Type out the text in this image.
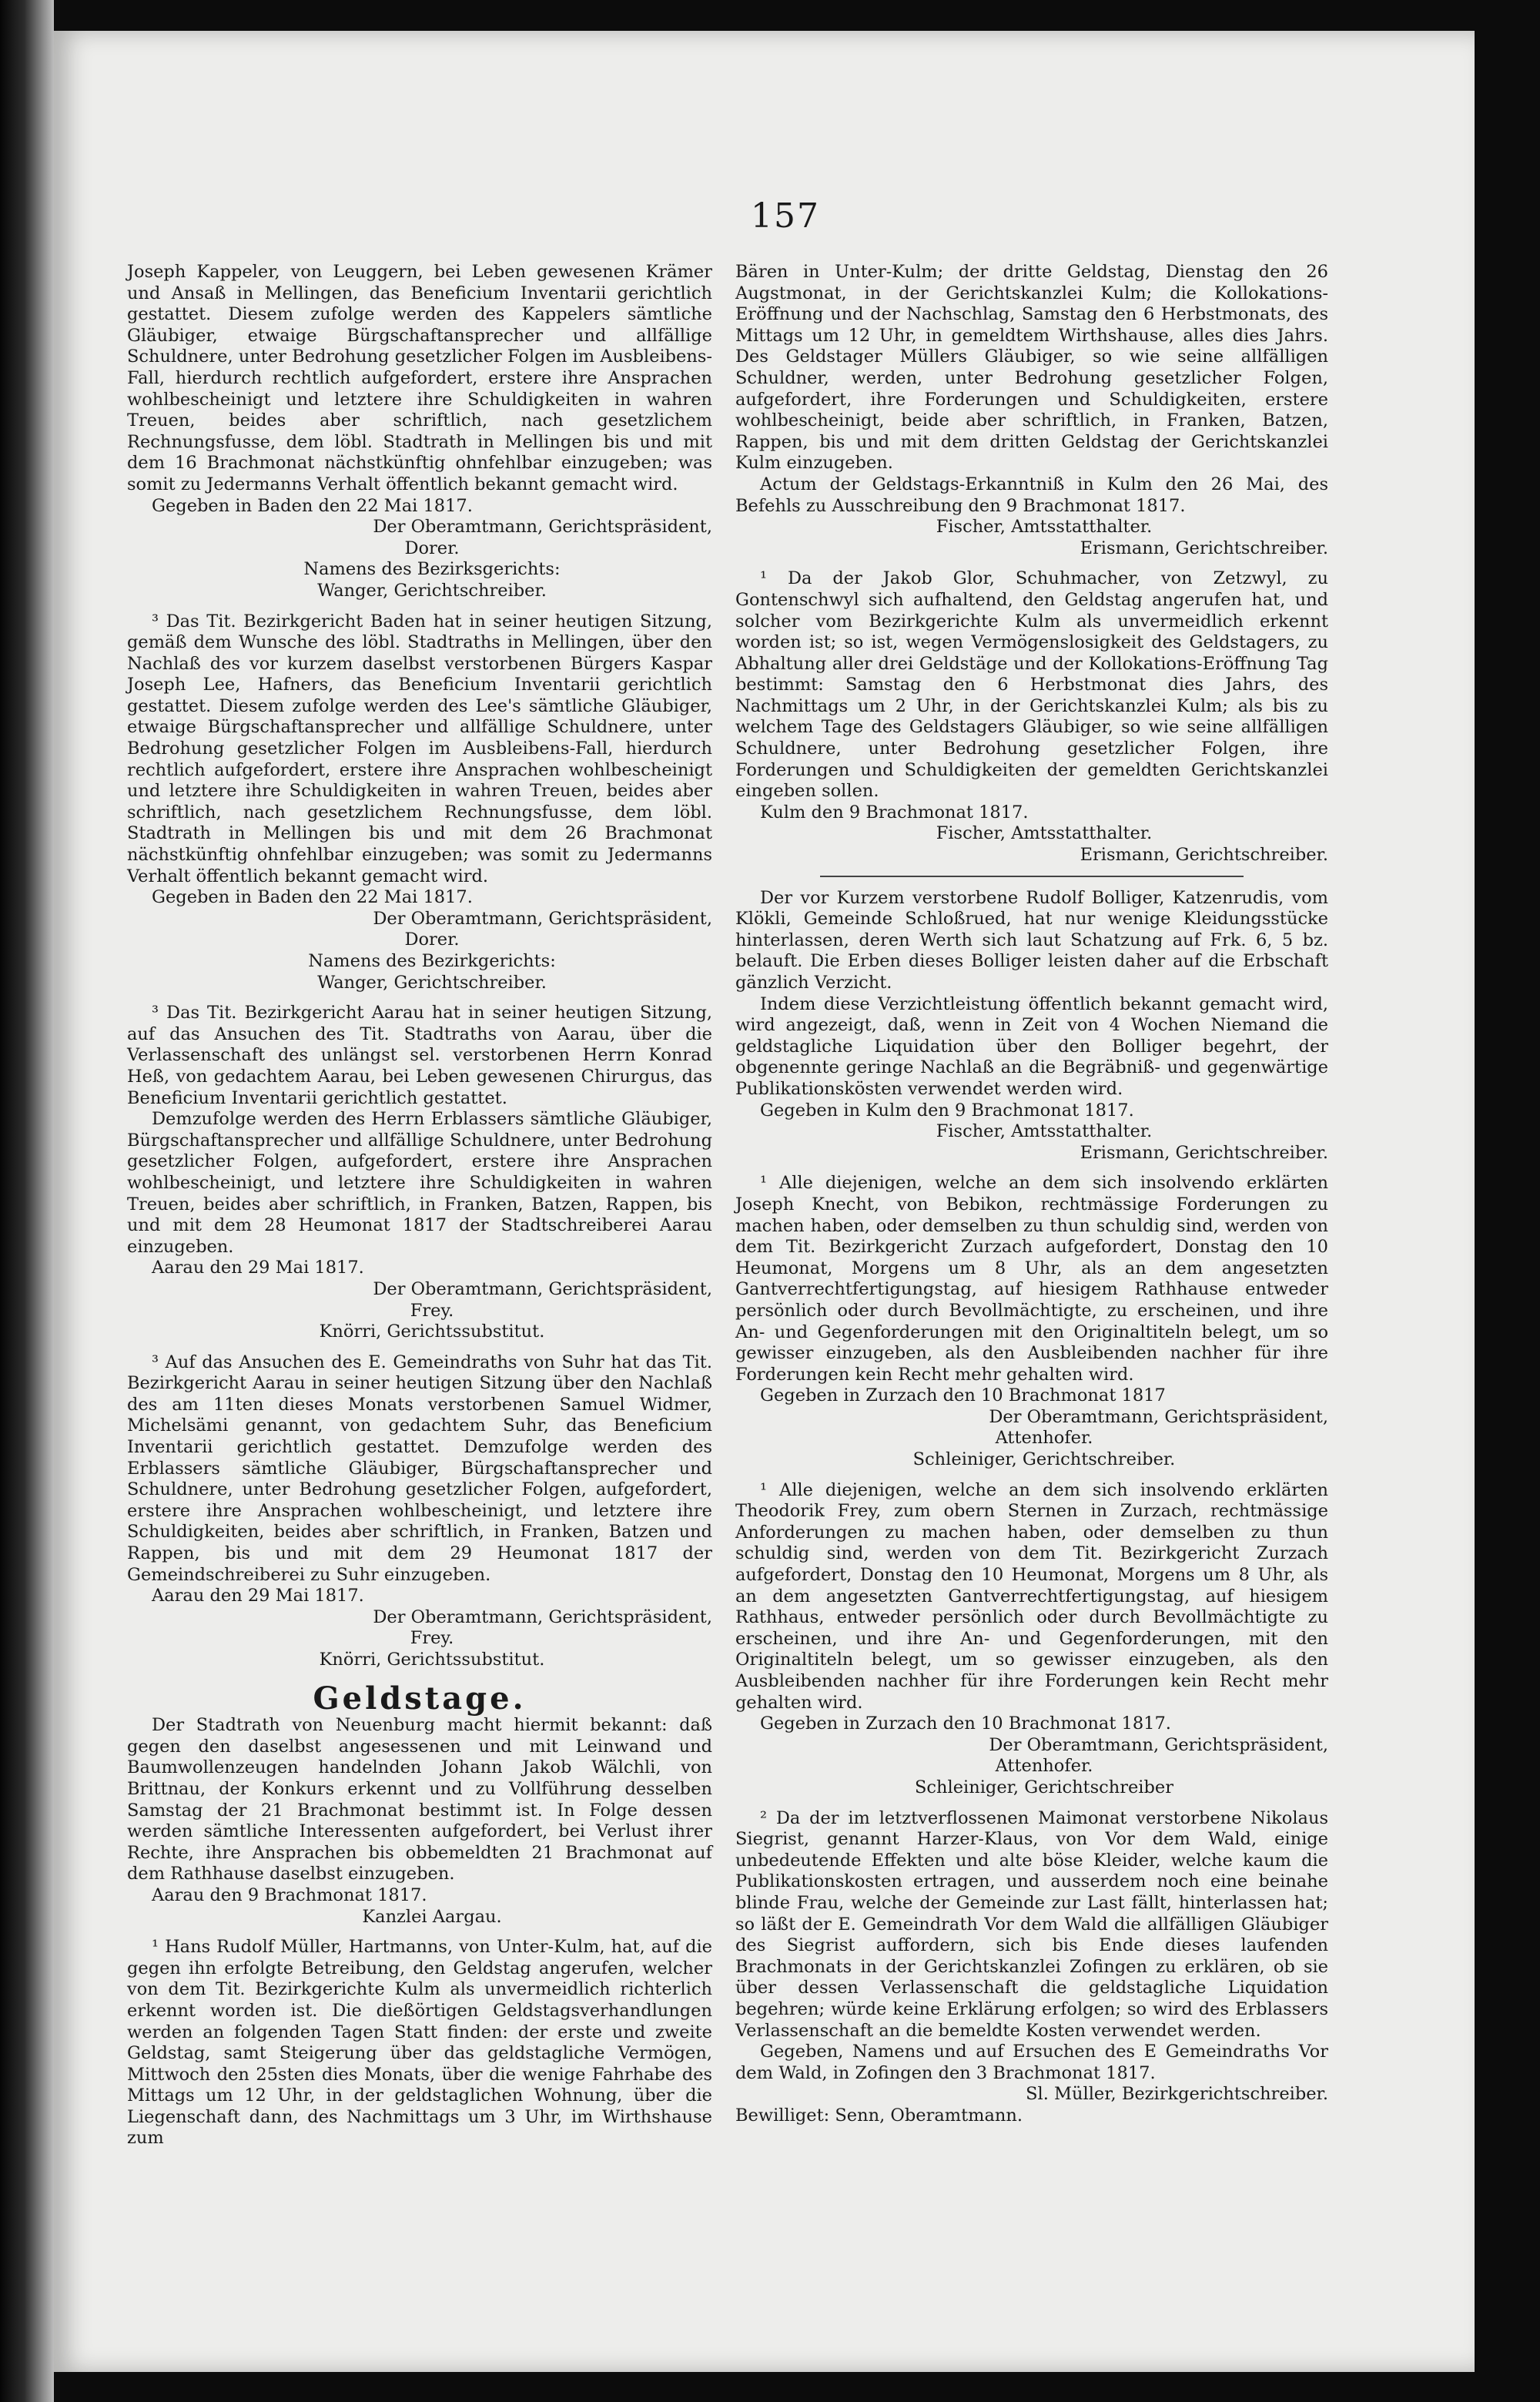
157

Joseph Kappeler, von Leuggern, bei Leben gewesenen Krämer und Ansaß in Mellingen, das Beneficium Inventarii gerichtlich gestattet. Diesem zufolge werden des Kappelers sämtliche Gläubiger, etwaige Bürgschaftansprecher und allfällige Schuldnere, unter Bedrohung gesetzlicher Folgen im Ausbleibens-Fall, hierdurch rechtlich aufgefordert, erstere ihre Ansprachen wohlbescheinigt und letztere ihre Schuldigkeiten in wahren Treuen, beides aber schriftlich, nach gesetzlichem Rechnungsfusse, dem löbl. Stadtrath in Mellingen bis und mit dem 16 Brachmonat nächstkünftig ohnfehlbar einzugeben; was somit zu Jedermanns Verhalt öffentlich bekannt gemacht wird.

Gegeben in Baden den 22 Mai 1817.

Der Oberamtmann, Gerichtspräsident,

Dorer.

Namens des Bezirksgerichts:

Wanger, Gerichtschreiber.

³ Das Tit. Bezirkgericht Baden hat in seiner heutigen Sitzung, gemäß dem Wunsche des löbl. Stadtraths in Mellingen, über den Nachlaß des vor kurzem daselbst verstorbenen Bürgers Kaspar Joseph Lee, Hafners, das Beneficium Inventarii gerichtlich gestattet. Diesem zufolge werden des Lee's sämtliche Gläubiger, etwaige Bürgschaftansprecher und allfällige Schuldnere, unter Bedrohung gesetzlicher Folgen im Ausbleibens-Fall, hierdurch rechtlich aufgefordert, erstere ihre Ansprachen wohlbescheinigt und letztere ihre Schuldigkeiten in wahren Treuen, beides aber schriftlich, nach gesetzlichem Rechnungsfusse, dem löbl. Stadtrath in Mellingen bis und mit dem 26 Brachmonat nächstkünftig ohnfehlbar einzugeben; was somit zu Jedermanns Verhalt öffentlich bekannt gemacht wird.

Gegeben in Baden den 22 Mai 1817.

Der Oberamtmann, Gerichtspräsident,

Dorer.

Namens des Bezirkgerichts:

Wanger, Gerichtschreiber.

³ Das Tit. Bezirkgericht Aarau hat in seiner heutigen Sitzung, auf das Ansuchen des Tit. Stadtraths von Aarau, über die Verlassenschaft des unlängst sel. verstorbenen Herrn Konrad Heß, von gedachtem Aarau, bei Leben gewesenen Chirurgus, das Beneficium Inventarii gerichtlich gestattet.

Demzufolge werden des Herrn Erblassers sämtliche Gläubiger, Bürgschaftansprecher und allfällige Schuldnere, unter Bedrohung gesetzlicher Folgen, aufgefordert, erstere ihre Ansprachen wohlbescheinigt, und letztere ihre Schuldigkeiten in wahren Treuen, beides aber schriftlich, in Franken, Batzen, Rappen, bis und mit dem 28 Heumonat 1817 der Stadtschreiberei Aarau einzugeben.

Aarau den 29 Mai 1817.

Der Oberamtmann, Gerichtspräsident,

Frey.

Knörri, Gerichtssubstitut.

³ Auf das Ansuchen des E. Gemeindraths von Suhr hat das Tit. Bezirkgericht Aarau in seiner heutigen Sitzung über den Nachlaß des am 11ten dieses Monats verstorbenen Samuel Widmer, Michelsämi genannt, von gedachtem Suhr, das Beneficium Inventarii gerichtlich gestattet. Demzufolge werden des Erblassers sämtliche Gläubiger, Bürgschaftansprecher und Schuldnere, unter Bedrohung gesetzlicher Folgen, aufgefordert, erstere ihre Ansprachen wohlbescheinigt, und letztere ihre Schuldigkeiten, beides aber schriftlich, in Franken, Batzen und Rappen, bis und mit dem 29 Heumonat 1817 der Gemeindschreiberei zu Suhr einzugeben.

Aarau den 29 Mai 1817.

Der Oberamtmann, Gerichtspräsident,

Frey.

Knörri, Gerichtssubstitut.

Geldstage.

Der Stadtrath von Neuenburg macht hiermit bekannt: daß gegen den daselbst angesessenen und mit Leinwand und Baumwollenzeugen handelnden Johann Jakob Wälchli, von Brittnau, der Konkurs erkennt und zu Vollführung desselben Samstag der 21 Brachmonat bestimmt ist. In Folge dessen werden sämtliche Interessenten aufgefordert, bei Verlust ihrer Rechte, ihre Ansprachen bis obbemeldten 21 Brachmonat auf dem Rathhause daselbst einzugeben.

Aarau den 9 Brachmonat 1817.

Kanzlei Aargau.

¹ Hans Rudolf Müller, Hartmanns, von Unter-Kulm, hat, auf die gegen ihn erfolgte Betreibung, den Geldstag angerufen, welcher von dem Tit. Bezirkgerichte Kulm als unvermeidlich richterlich erkennt worden ist. Die dießörtigen Geldstagsverhandlungen werden an folgenden Tagen Statt finden: der erste und zweite Geldstag, samt Steigerung über das geldstagliche Vermögen, Mittwoch den 25sten dies Monats, über die wenige Fahrhabe des Mittags um 12 Uhr, in der geldstaglichen Wohnung, über die Liegenschaft dann, des Nachmittags um 3 Uhr, im Wirthshause zum

Bären in Unter-Kulm; der dritte Geldstag, Dienstag den 26 Augstmonat, in der Gerichtskanzlei Kulm; die Kollokations-Eröffnung und der Nachschlag, Samstag den 6 Herbstmonats, des Mittags um 12 Uhr, in gemeldtem Wirthshause, alles dies Jahrs. Des Geldstager Müllers Gläubiger, so wie seine allfälligen Schuldner, werden, unter Bedrohung gesetzlicher Folgen, aufgefordert, ihre Forderungen und Schuldigkeiten, erstere wohlbescheinigt, beide aber schriftlich, in Franken, Batzen, Rappen, bis und mit dem dritten Geldstag der Gerichtskanzlei Kulm einzugeben.

Actum der Geldstags-Erkanntniß in Kulm den 26 Mai, des Befehls zu Ausschreibung den 9 Brachmonat 1817.

Fischer, Amtsstatthalter.

Erismann, Gerichtschreiber.

¹ Da der Jakob Glor, Schuhmacher, von Zetzwyl, zu Gontenschwyl sich aufhaltend, den Geldstag angerufen hat, und solcher vom Bezirkgerichte Kulm als unvermeidlich erkennt worden ist; so ist, wegen Vermögenslosigkeit des Geldstagers, zu Abhaltung aller drei Geldstäge und der Kollokations-Eröffnung Tag bestimmt: Samstag den 6 Herbstmonat dies Jahrs, des Nachmittags um 2 Uhr, in der Gerichtskanzlei Kulm; als bis zu welchem Tage des Geldstagers Gläubiger, so wie seine allfälligen Schuldnere, unter Bedrohung gesetzlicher Folgen, ihre Forderungen und Schuldigkeiten der gemeldten Gerichtskanzlei eingeben sollen.

Kulm den 9 Brachmonat 1817.

Fischer, Amtsstatthalter.

Erismann, Gerichtschreiber.

Der vor Kurzem verstorbene Rudolf Bolliger, Katzenrudis, vom Klökli, Gemeinde Schloßrued, hat nur wenige Kleidungsstücke hinterlassen, deren Werth sich laut Schatzung auf Frk. 6, 5 bz. belauft. Die Erben dieses Bolliger leisten daher auf die Erbschaft gänzlich Verzicht.

Indem diese Verzichtleistung öffentlich bekannt gemacht wird, wird angezeigt, daß, wenn in Zeit von 4 Wochen Niemand die geldstagliche Liquidation über den Bolliger begehrt, der obgenennte geringe Nachlaß an die Begräbniß- und gegenwärtige Publikationskösten verwendet werden wird.

Gegeben in Kulm den 9 Brachmonat 1817.

Fischer, Amtsstatthalter.

Erismann, Gerichtschreiber.

¹ Alle diejenigen, welche an dem sich insolvendo erklärten Joseph Knecht, von Bebikon, rechtmässige Forderungen zu machen haben, oder demselben zu thun schuldig sind, werden von dem Tit. Bezirkgericht Zurzach aufgefordert, Donstag den 10 Heumonat, Morgens um 8 Uhr, als an dem angesetzten Gantverrechtfertigungstag, auf hiesigem Rathhause entweder persönlich oder durch Bevollmächtigte, zu erscheinen, und ihre An- und Gegenforderungen mit den Originaltiteln belegt, um so gewisser einzugeben, als den Ausbleibenden nachher für ihre Forderungen kein Recht mehr gehalten wird.

Gegeben in Zurzach den 10 Brachmonat 1817

Der Oberamtmann, Gerichtspräsident,

Attenhofer.

Schleiniger, Gerichtschreiber.

¹ Alle diejenigen, welche an dem sich insolvendo erklärten Theodorik Frey, zum obern Sternen in Zurzach, rechtmässige Anforderungen zu machen haben, oder demselben zu thun schuldig sind, werden von dem Tit. Bezirkgericht Zurzach aufgefordert, Donstag den 10 Heumonat, Morgens um 8 Uhr, als an dem angesetzten Gantverrechtfertigungstag, auf hiesigem Rathhaus, entweder persönlich oder durch Bevollmächtigte zu erscheinen, und ihre An- und Gegenforderungen, mit den Originaltiteln belegt, um so gewisser einzugeben, als den Ausbleibenden nachher für ihre Forderungen kein Recht mehr gehalten wird.

Gegeben in Zurzach den 10 Brachmonat 1817.

Der Oberamtmann, Gerichtspräsident,

Attenhofer.

Schleiniger, Gerichtschreiber

² Da der im letztverflossenen Maimonat verstorbene Nikolaus Siegrist, genannt Harzer-Klaus, von Vor dem Wald, einige unbedeutende Effekten und alte böse Kleider, welche kaum die Publikationskosten ertragen, und ausserdem noch eine beinahe blinde Frau, welche der Gemeinde zur Last fällt, hinterlassen hat; so läßt der E. Gemeindrath Vor dem Wald die allfälligen Gläubiger des Siegrist auffordern, sich bis Ende dieses laufenden Brachmonats in der Gerichtskanzlei Zofingen zu erklären, ob sie über dessen Verlassenschaft die geldstagliche Liquidation begehren; würde keine Erklärung erfolgen; so wird des Erblassers Verlassenschaft an die bemeldte Kosten verwendet werden.

Gegeben, Namens und auf Ersuchen des E Gemeindraths Vor dem Wald, in Zofingen den 3 Brachmonat 1817.

Sl. Müller, Bezirkgerichtschreiber.

Bewilliget: Senn, Oberamtmann.
